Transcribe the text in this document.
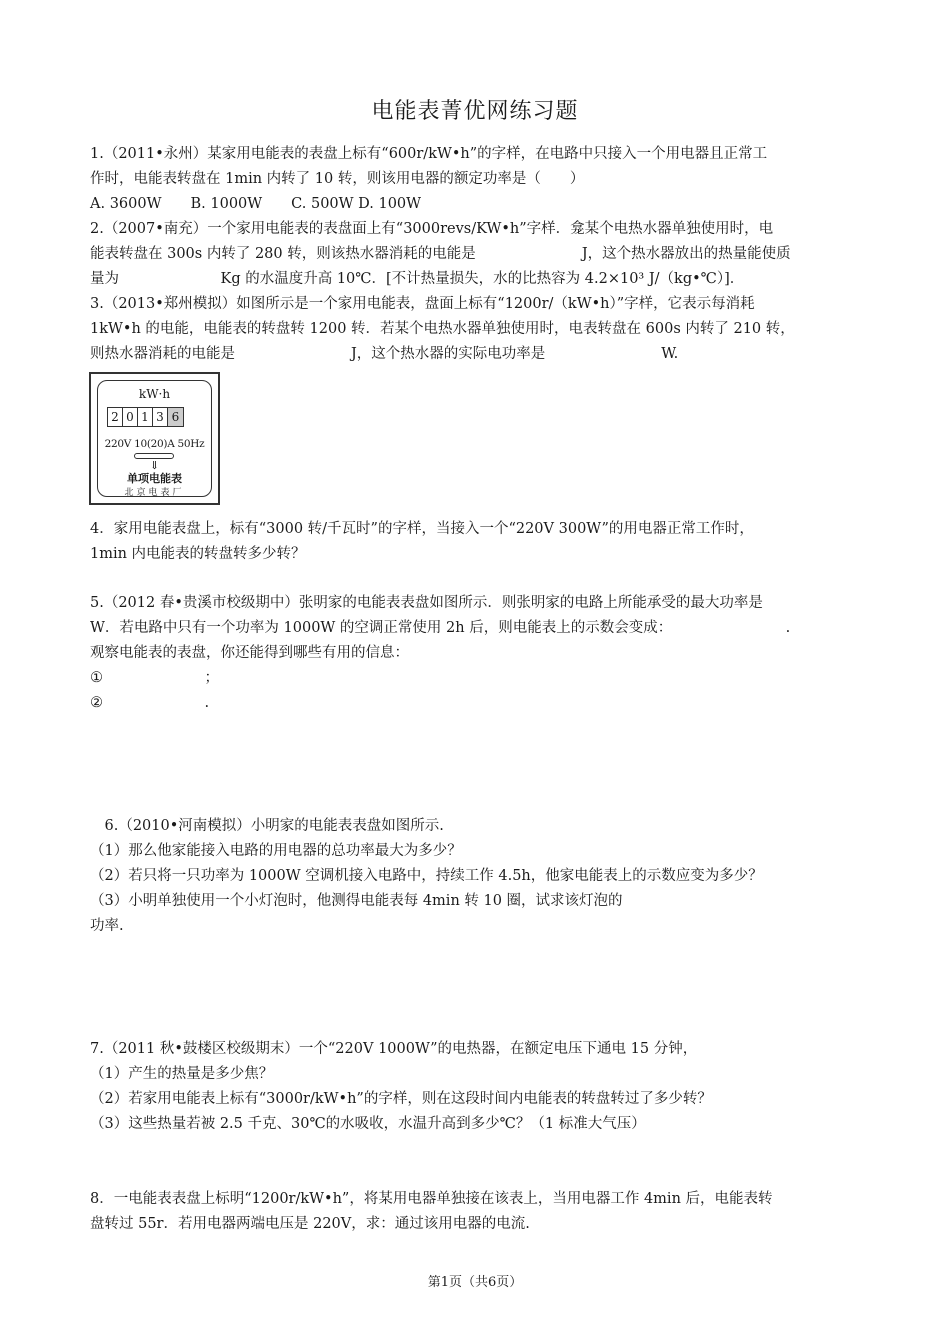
电能表菁优网练习题
1.（2011•永州）某家用电能表的表盘上标有“600r/kW•h”的字样，在电路中只接入一个用电器且正常工
作时，电能表转盘在 1min 内转了 10 转，则该用电器的额定功率是（　　）
A. 3600W　　B. 1000W　　C. 500W D. 100W
2.（2007•南充）一个家用电能表的表盘面上有“3000revs/KW•h”字样．龛某个电热水器单独使用时，电
能表转盘在 300s 内转了 280 转，则该热水器消耗的电能是　　　　　　　 J，这个热水器放出的热量能使质
量为　　　　　　　Kg 的水温度升高 10℃．[不计热量损失，水的比热容为 4.2×10³ J/（kg•℃）]．
3.（2013•郑州模拟）如图所示是一个家用电能表，盘面上标有“1200r/（kW•h）”字样，它表示每消耗
1kW•h 的电能，电能表的转盘转 1200 转．若某个电热水器单独使用时，电表转盘在 600s 内转了 210 转，
则热水器消耗的电能是　　　　　　　　J，这个热水器的实际电功率是　　　　　　　　W.
kW·h
2 0 1 3 6
220V 10(20)A 50Hz
⇓
单项电能表
北京电表厂
4．家用电能表盘上，标有“3000 转/千瓦时”的字样，当接入一个“220V 300W”的用电器正常工作时，
1min 内电能表的转盘转多少转？
5.（2012 春•贵溪市校级期中）张明家的电能表表盘如图所示．则张明家的电路上所能承受的最大功率是
W．若电路中只有一个功率为 1000W 的空调正常使用 2h 后，则电能表上的示数会变成：　　　　　　　　 .
观察电能表的表盘，你还能得到哪些有用的信息：
①　　　　　　　；
②　　　　　　　.
　6.（2010•河南模拟）小明家的电能表表盘如图所示.
（1）那么他家能接入电路的用电器的总功率最大为多少？
（2）若只将一只功率为 1000W 空调机接入电路中，持续工作 4.5h，他家电能表上的示数应变为多少？
（3）小明单独使用一个小灯泡时，他测得电能表每 4min 转 10 圈，试求该灯泡的
功率.
7.（2011 秋•鼓楼区校级期末）一个“220V 1000W”的电热器，在额定电压下通电 15 分钟，
（1）产生的热量是多少焦？
（2）若家用电能表上标有“3000r/kW•h”的字样，则在这段时间内电能表的转盘转过了多少转？
（3）这些热量若被 2.5 千克、30℃的水吸收，水温升高到多少℃？（1 标准大气压）
8．一电能表表盘上标明“1200r/kW•h”，将某用电器单独接在该表上，当用电器工作 4min 后，电能表转
盘转过 55r．若用电器两端电压是 220V，求：通过该用电器的电流.
第1页（共6页）
